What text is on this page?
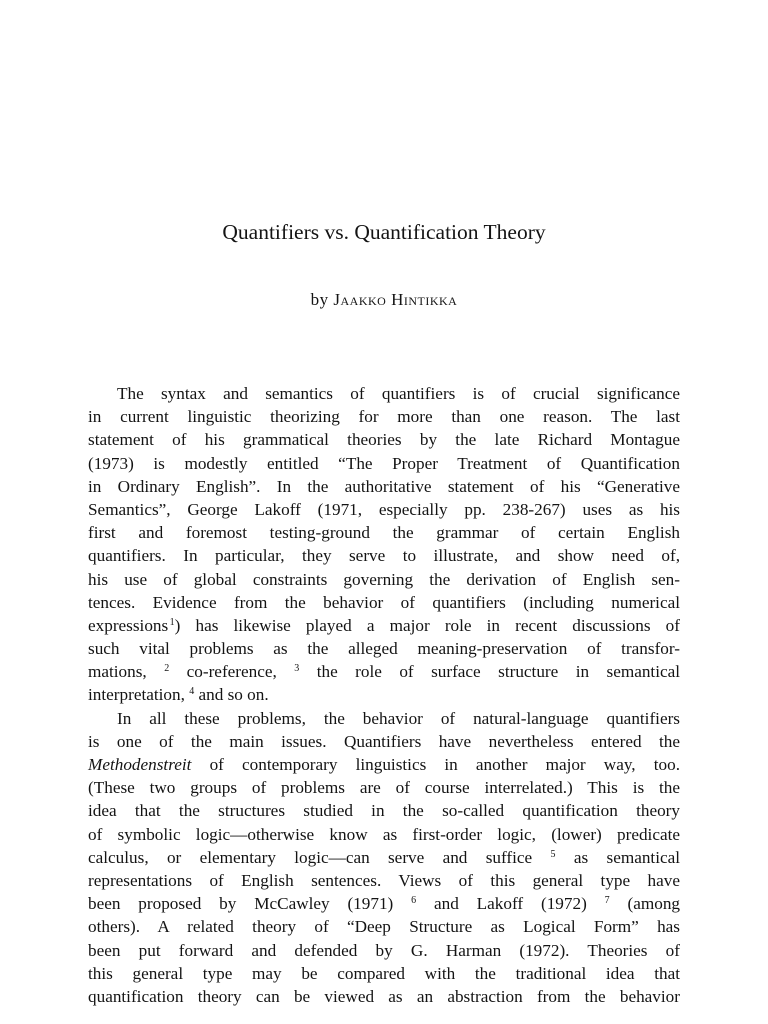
Quantifiers vs. Quantification Theory
by Jaakko Hintikka
The syntax and semantics of quantifiers is of crucial significance
in current linguistic theorizing for more than one reason. The last
statement of his grammatical theories by the late Richard Montague
(1973) is modestly entitled “The Proper Treatment of Quantification
in Ordinary English”. In the authoritative statement of his “Generative
Semantics”, George Lakoff (1971, especially pp. 238-267) uses as his
first and foremost testing-ground the grammar of certain English
quantifiers. In particular, they serve to illustrate, and show need of,
his use of global constraints governing the derivation of English sen-
tences. Evidence from the behavior of quantifiers (including numerical
expressions $^1$) has likewise played a major role in recent discussions of
such vital problems as the alleged meaning-preservation of transfor-
mations, $^2$ co-reference, $^3$ the role of surface structure in semantical
interpretation, $^4$ and so on.
In all these problems, the behavior of natural-language quantifiers
is one of the main issues. Quantifiers have nevertheless entered the
Methodenstreit of contemporary linguistics in another major way, too.
(These two groups of problems are of course interrelated.) This is the
idea that the structures studied in the so-called quantification theory
of symbolic logic—otherwise know as first-order logic, (lower) predicate
calculus, or elementary logic—can serve and suffice $^5$ as semantical
representations of English sentences. Views of this general type have
been proposed by McCawley (1971) $^6$ and Lakoff (1972) $^7$ (among
others). A related theory of “Deep Structure as Logical Form” has
been put forward and defended by G. Harman (1972). Theories of
this general type may be compared with the traditional idea that
quantification theory can be viewed as an abstraction from the behavior
